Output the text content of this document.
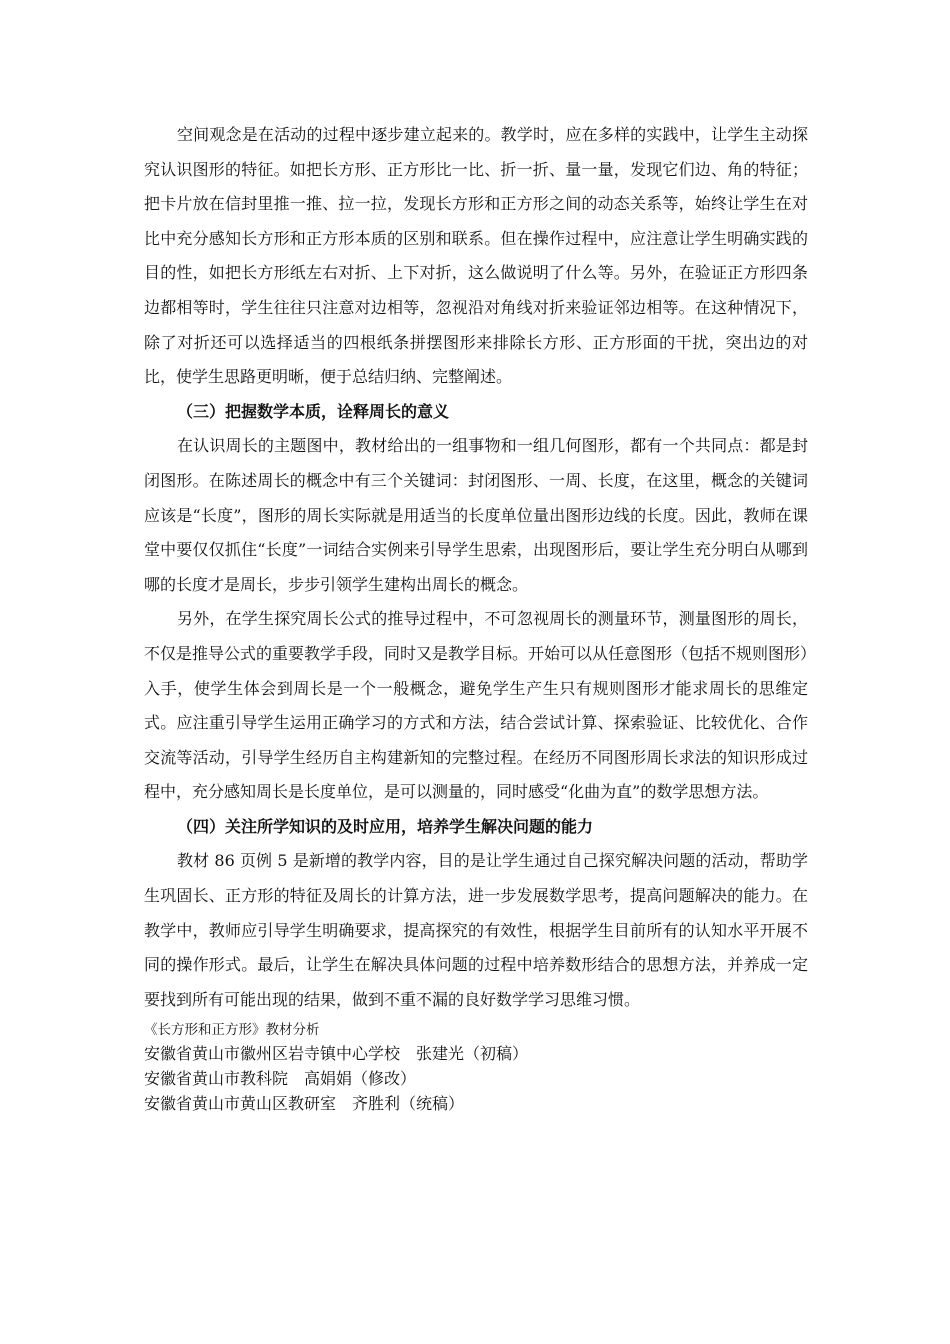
空间观念是在活动的过程中逐步建立起来的。教学时，应在多样的实践中，让学生主动探究认识图形的特征。如把长方形、正方形比一比、折一折、量一量，发现它们边、角的特征；把卡片放在信封里推一推、拉一拉，发现长方形和正方形之间的动态关系等，始终让学生在对比中充分感知长方形和正方形本质的区别和联系。但在操作过程中，应注意让学生明确实践的目的性，如把长方形纸左右对折、上下对折，这么做说明了什么等。另外，在验证正方形四条边都相等时，学生往往只注意对边相等，忽视沿对角线对折来验证邻边相等。在这种情况下，除了对折还可以选择适当的四根纸条拼摆图形来排除长方形、正方形面的干扰，突出边的对比，使学生思路更明晰，便于总结归纳、完整阐述。

（三）把握数学本质，诠释周长的意义

在认识周长的主题图中，教材给出的一组事物和一组几何图形，都有一个共同点：都是封闭图形。在陈述周长的概念中有三个关键词：封闭图形、一周、长度，在这里，概念的关键词应该是“长度”，图形的周长实际就是用适当的长度单位量出图形边线的长度。因此，教师在课堂中要仅仅抓住“长度”一词结合实例来引导学生思索，出现图形后，要让学生充分明白从哪到哪的长度才是周长，步步引领学生建构出周长的概念。

另外，在学生探究周长公式的推导过程中，不可忽视周长的测量环节，测量图形的周长，不仅是推导公式的重要教学手段，同时又是教学目标。开始可以从任意图形（包括不规则图形）入手，使学生体会到周长是一个一般概念，避免学生产生只有规则图形才能求周长的思维定式。应注重引导学生运用正确学习的方式和方法，结合尝试计算、探索验证、比较优化、合作交流等活动，引导学生经历自主构建新知的完整过程。在经历不同图形周长求法的知识形成过程中，充分感知周长是长度单位，是可以测量的，同时感受“化曲为直”的数学思想方法。

（四）关注所学知识的及时应用，培养学生解决问题的能力

教材 86 页例 5 是新增的教学内容，目的是让学生通过自己探究解决问题的活动，帮助学生巩固长、正方形的特征及周长的计算方法，进一步发展数学思考，提高问题解决的能力。在教学中，教师应引导学生明确要求，提高探究的有效性，根据学生目前所有的认知水平开展不同的操作形式。最后，让学生在解决具体问题的过程中培养数形结合的思想方法，并养成一定要找到所有可能出现的结果，做到不重不漏的良好数学学习思维习惯。

《长方形和正方形》教材分析

安徽省黄山市徽州区岩寺镇中心学校　张建光（初稿）

安徽省黄山市教科院　高娟娟（修改）

安徽省黄山市黄山区教研室　齐胜利（统稿）
